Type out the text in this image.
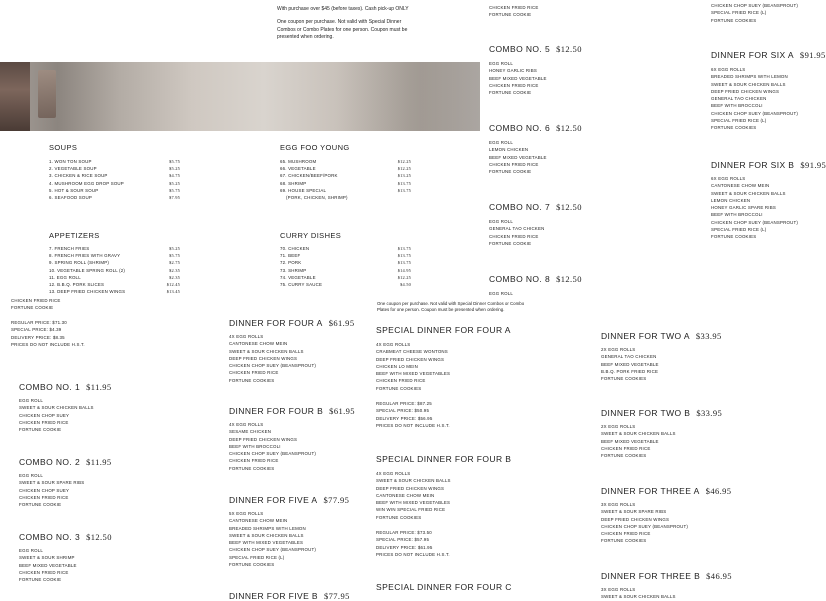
With purchase over $45 (before taxes). Cash pick-up ONLY
One coupon per purchase. Not valid with Special Dinner Combos or Combo Plates for one person. Coupon must be presented when ordering.
CHICKEN FRIED RICE
FORTUNE COOKIE
COMBO NO. 5 $12.50
EGG ROLL
HONEY GARLIC RIBS
BEEF MIXED VEGETABLE
CHICKEN FRIED RICE
FORTUNE COOKIE
COMBO NO. 6 $12.50
EGG ROLL
LEMON CHICKEN
BEEF MIXED VEGETABLE
CHICKEN FRIED RICE
FORTUNE COOKIE
COMBO NO. 7 $12.50
EGG ROLL
GENERAL TAO CHICKEN
CHICKEN FRIED RICE
FORTUNE COOKIE
COMBO NO. 8 $12.50
EGG ROLL
One coupon per purchase. Not valid with Special Dinner Combos or Combo Plates for one person. Coupon must be presented when ordering.
CHICKEN CHOP SUEY (BEANSPROUT)
SPECIAL FRIED RICE (L)
FORTUNE COOKIES
DINNER FOR SIX A $91.95
6X EGG ROLLS
BREADED SHRIMPS WITH LEMON
SWEET & SOUR CHICKEN BALLS
DEEP FRIED CHICKEN WINGS
GENERAL TAO CHICKEN
BEEF WITH BROCCOLI
CHICKEN CHOP SUEY (BEANSPROUT)
SPECIAL FRIED RICE (L)
FORTUNE COOKIES
DINNER FOR SIX B $91.95
6X EGG ROLLS
CANTONESE CHOW MEIN
SWEET & SOUR CHICKEN BALLS
LEMON CHICKEN
HONEY GARLIC SPARE RIBS
BEEF WITH BROCCOLI
CHICKEN CHOP SUEY (BEANSPROUT)
SPECIAL FRIED RICE (L)
FORTUNE COOKIES
SOUPS
1. WON TON SOUP	$5.75
2. VEGETABLE SOUP	$5.25
3. CHICKEN & RICE SOUP	$4.75
4. MUSHROOM EGG DROP SOUP	$5.25
5. HOT & SOUR SOUP	$5.75
6. SEAFOOD SOUP	$7.95
EGG FOO YOUNG
65. MUSHROOM	$12.25
66. VEGETABLE	$12.25
67. CHICKEN/BEEF/PORK	$13.25
68. SHRIMP	$13.75
69. HOUSE SPECIAL	$13.75
(PORK, CHICKEN, SHRIMP)
APPETIZERS
7. FRENCH FRIES	$5.25
8. FRENCH FRIES WITH GRAVY	$5.75
9. SPRING ROLL (SHRIMP)	$2.75
10. VEGETABLE SPRING ROLL (2)	$2.35
11. EGG ROLL	$2.35
12. B.B.Q. PORK SLICES	$12.45
13. DEEP FRIED CHICKEN WINGS	$13.45
CURRY DISHES
70. CHICKEN	$13.75
71. BEEF	$13.75
72. PORK	$13.75
73. SHRIMP	$14.95
74. VEGETABLE	$12.25
75. CURRY SAUCE	$4.50
CHICKEN FRIED RICE
FORTUNE COOKIE
REGULAR PRICE: $71.30
SPECIAL PRICE: $4.39
DELIVERY PRICE: $8.35
PRICES DO NOT INCLUDE H.S.T.
COMBO NO. 1 $11.95
EGG ROLL
SWEET & SOUR CHICKEN BALLS
CHICKEN CHOP SUEY
CHICKEN FRIED RICE
FORTUNE COOKIE
COMBO NO. 2 $11.95
EGG ROLL
SWEET & SOUR SPARE RIBS
CHICKEN CHOP SUEY
CHICKEN FRIED RICE
FORTUNE COOKIE
COMBO NO. 3 $12.50
EGG ROLL
SWEET & SOUR SHRIMP
BEEF MIXED VEGETABLE
CHICKEN FRIED RICE
FORTUNE COOKIE
DINNER FOR FOUR A $61.95
4X EGG ROLLS
CANTONESE CHOW MEIN
SWEET & SOUR CHICKEN BALLS
DEEP FRIED CHICKEN WINGS
CHICKEN CHOP SUEY (BEANSPROUT)
CHICKEN FRIED RICE
FORTUNE COOKIES
DINNER FOR FOUR B $61.95
4X EGG ROLLS
SESAME CHICKEN
DEEP FRIED CHICKEN WINGS
BEEF WITH BROCCOLI
CHICKEN CHOP SUEY (BEANSPROUT)
CHICKEN FRIED RICE
FORTUNE COOKIES
DINNER FOR FIVE A $77.95
5X EGG ROLLS
CANTONESE CHOW MEIN
BREADED SHRIMPS WITH LEMON
SWEET & SOUR CHICKEN BALLS
BEEF WITH MIXED VEGETABLES
CHICKEN CHOP SUEY (BEANSPROUT)
SPECIAL FRIED RICE (L)
FORTUNE COOKIES
DINNER FOR FIVE B $77.95
SPECIAL DINNER FOR FOUR A
4X EGG ROLLS
CRABMEAT CHEESE WONTONS
DEEP FRIED CHICKEN WINGS
CHICKEN LO MEIN
BEEF WITH MIXED VEGETABLES
CHICKEN FRIED RICE
FORTUNE COOKIES
REGULAR PRICE: $87.25
SPECIAL PRICE: $50.95
DELIVERY PRICE: $56.95
PRICES DO NOT INCLUDE H.S.T.
SPECIAL DINNER FOR FOUR B
4X EGG ROLLS
SWEET & SOUR CHICKEN BALLS
DEEP FRIED CHICKEN WINGS
CANTONESE CHOW MEIN
BEEF WITH MIXED VEGETABLES
WIN WIN SPECIAL FRIED RICE
FORTUNE COOKIES
REGULAR PRICE: $73.50
SPECIAL PRICE: $57.95
DELIVERY PRICE: $61.95
PRICES DO NOT INCLUDE H.S.T.
SPECIAL DINNER FOR FOUR C
DINNER FOR TWO A $33.95
2X EGG ROLLS
GENERAL TAO CHICKEN
BEEF MIXED VEGETABLE
B.B.Q. PORK FRIED RICE
FORTUNE COOKIES
DINNER FOR TWO B $33.95
2X EGG ROLLS
SWEET & SOUR CHICKEN BALLS
BEEF MIXED VEGETABLE
CHICKEN FRIED RICE
FORTUNE COOKIES
DINNER FOR THREE A $46.95
3X EGG ROLLS
SWEET & SOUR SPARE RIBS
DEEP FRIED CHICKEN WINGS
CHICKEN CHOP SUEY (BEANSPROUT)
CHICKEN FRIED RICE
FORTUNE COOKIES
DINNER FOR THREE B $46.95
3X EGG ROLLS
SWEET & SOUR CHICKEN BALLS
